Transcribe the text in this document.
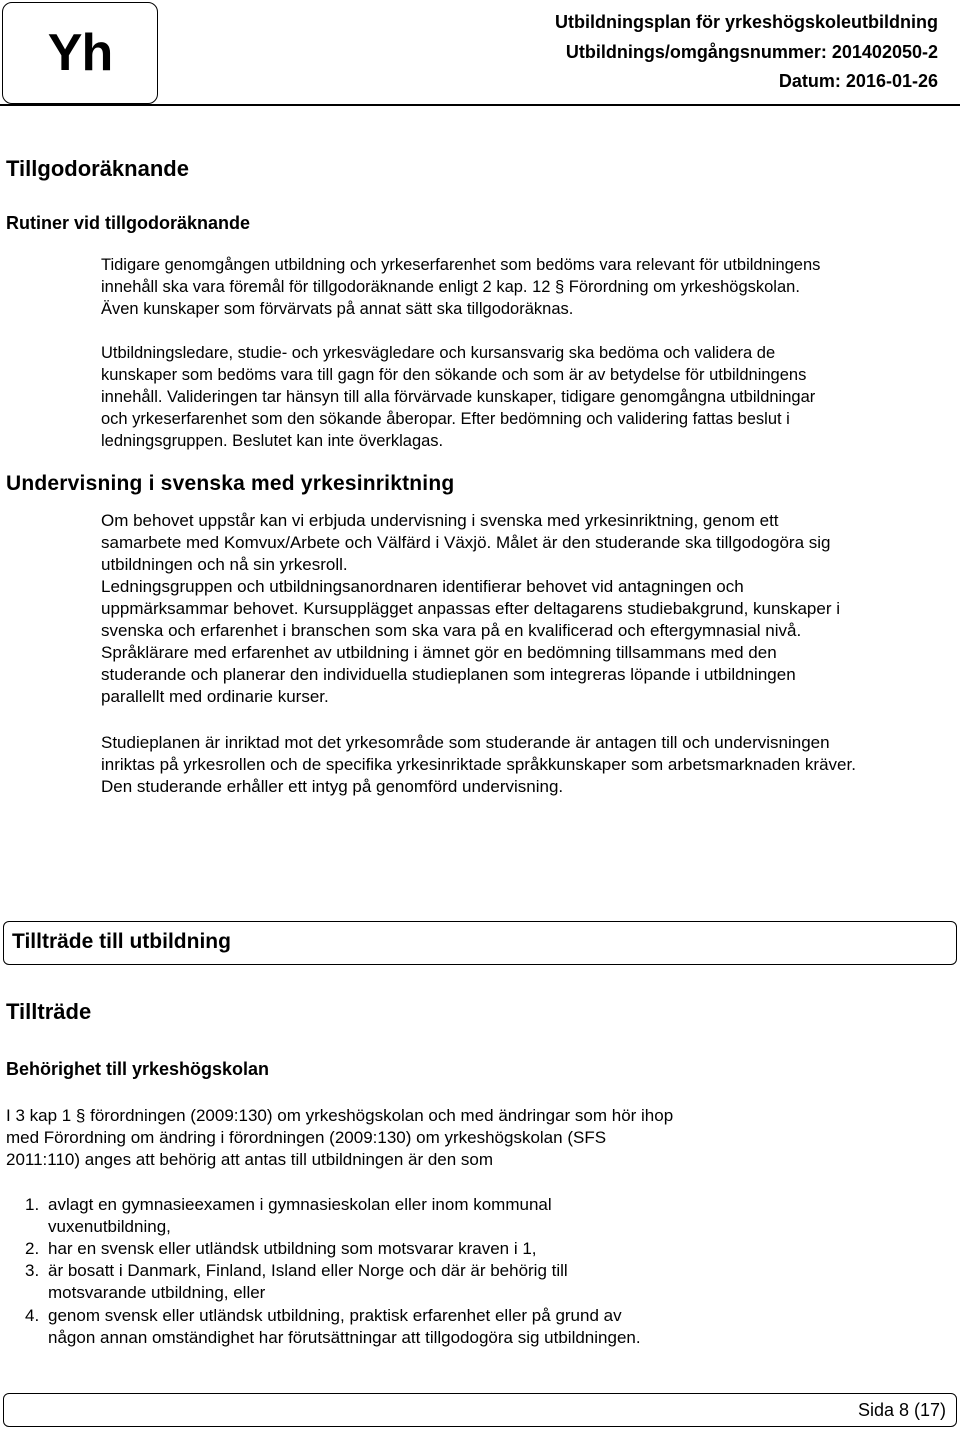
Yh
Utbildningsplan för yrkeshögskoleutbildning
Utbildnings/omgångsnummer: 201402050-2
Datum: 2016-01-26
Tillgodoräknande
Rutiner vid tillgodoräknande
Tidigare genomgången utbildning och yrkeserfarenhet som bedöms vara relevant för utbildningens
innehåll ska vara föremål för tillgodoräknande enligt 2 kap. 12 § Förordning om yrkeshögskolan.
Även kunskaper som förvärvats på annat sätt ska tillgodoräknas.
Utbildningsledare, studie- och yrkesvägledare och kursansvarig ska bedöma och validera de
kunskaper som bedöms vara till gagn för den sökande och som är av betydelse för utbildningens
innehåll. Valideringen tar hänsyn till alla förvärvade kunskaper, tidigare genomgångna utbildningar
och yrkeserfarenhet som den sökande åberopar. Efter bedömning och validering fattas beslut i
ledningsgruppen. Beslutet kan inte överklagas.
Undervisning i svenska med yrkesinriktning
Om behovet uppstår kan vi erbjuda undervisning i svenska med yrkesinriktning, genom ett
samarbete med Komvux/Arbete och Välfärd i Växjö. Målet är den studerande ska tillgodogöra sig
utbildningen och nå sin yrkesroll.
Ledningsgruppen och utbildningsanordnaren identifierar behovet vid antagningen och
uppmärksammar behovet. Kursupplägget anpassas efter deltagarens studiebakgrund, kunskaper i
svenska och erfarenhet i branschen som ska vara på en kvalificerad och eftergymnasial nivå.
Språklärare med erfarenhet av utbildning i ämnet gör en bedömning tillsammans med den
studerande och planerar den individuella studieplanen som integreras löpande i utbildningen
parallellt med ordinarie kurser.
Studieplanen är inriktad mot det yrkesområde som studerande är antagen till och undervisningen
inriktas på yrkesrollen och de specifika yrkesinriktade språkkunskaper som arbetsmarknaden kräver.
Den studerande erhåller ett intyg på genomförd undervisning.
Tillträde till utbildning
Tillträde
Behörighet till yrkeshögskolan
I 3 kap 1 § förordningen (2009:130) om yrkeshögskolan och med ändringar som hör ihop
med Förordning om ändring i förordningen (2009:130) om yrkeshögskolan (SFS
2011:110) anges att behörig att antas till utbildningen är den som
1. avlagt en gymnasieexamen i gymnasieskolan eller inom kommunal
vuxenutbildning,
2. har en svensk eller utländsk utbildning som motsvarar kraven i 1,
3. är bosatt i Danmark, Finland, Island eller Norge och där är behörig till
motsvarande utbildning, eller
4. genom svensk eller utländsk utbildning, praktisk erfarenhet eller på grund av
någon annan omständighet har förutsättningar att tillgodogöra sig utbildningen.
Sida 8 (17)
